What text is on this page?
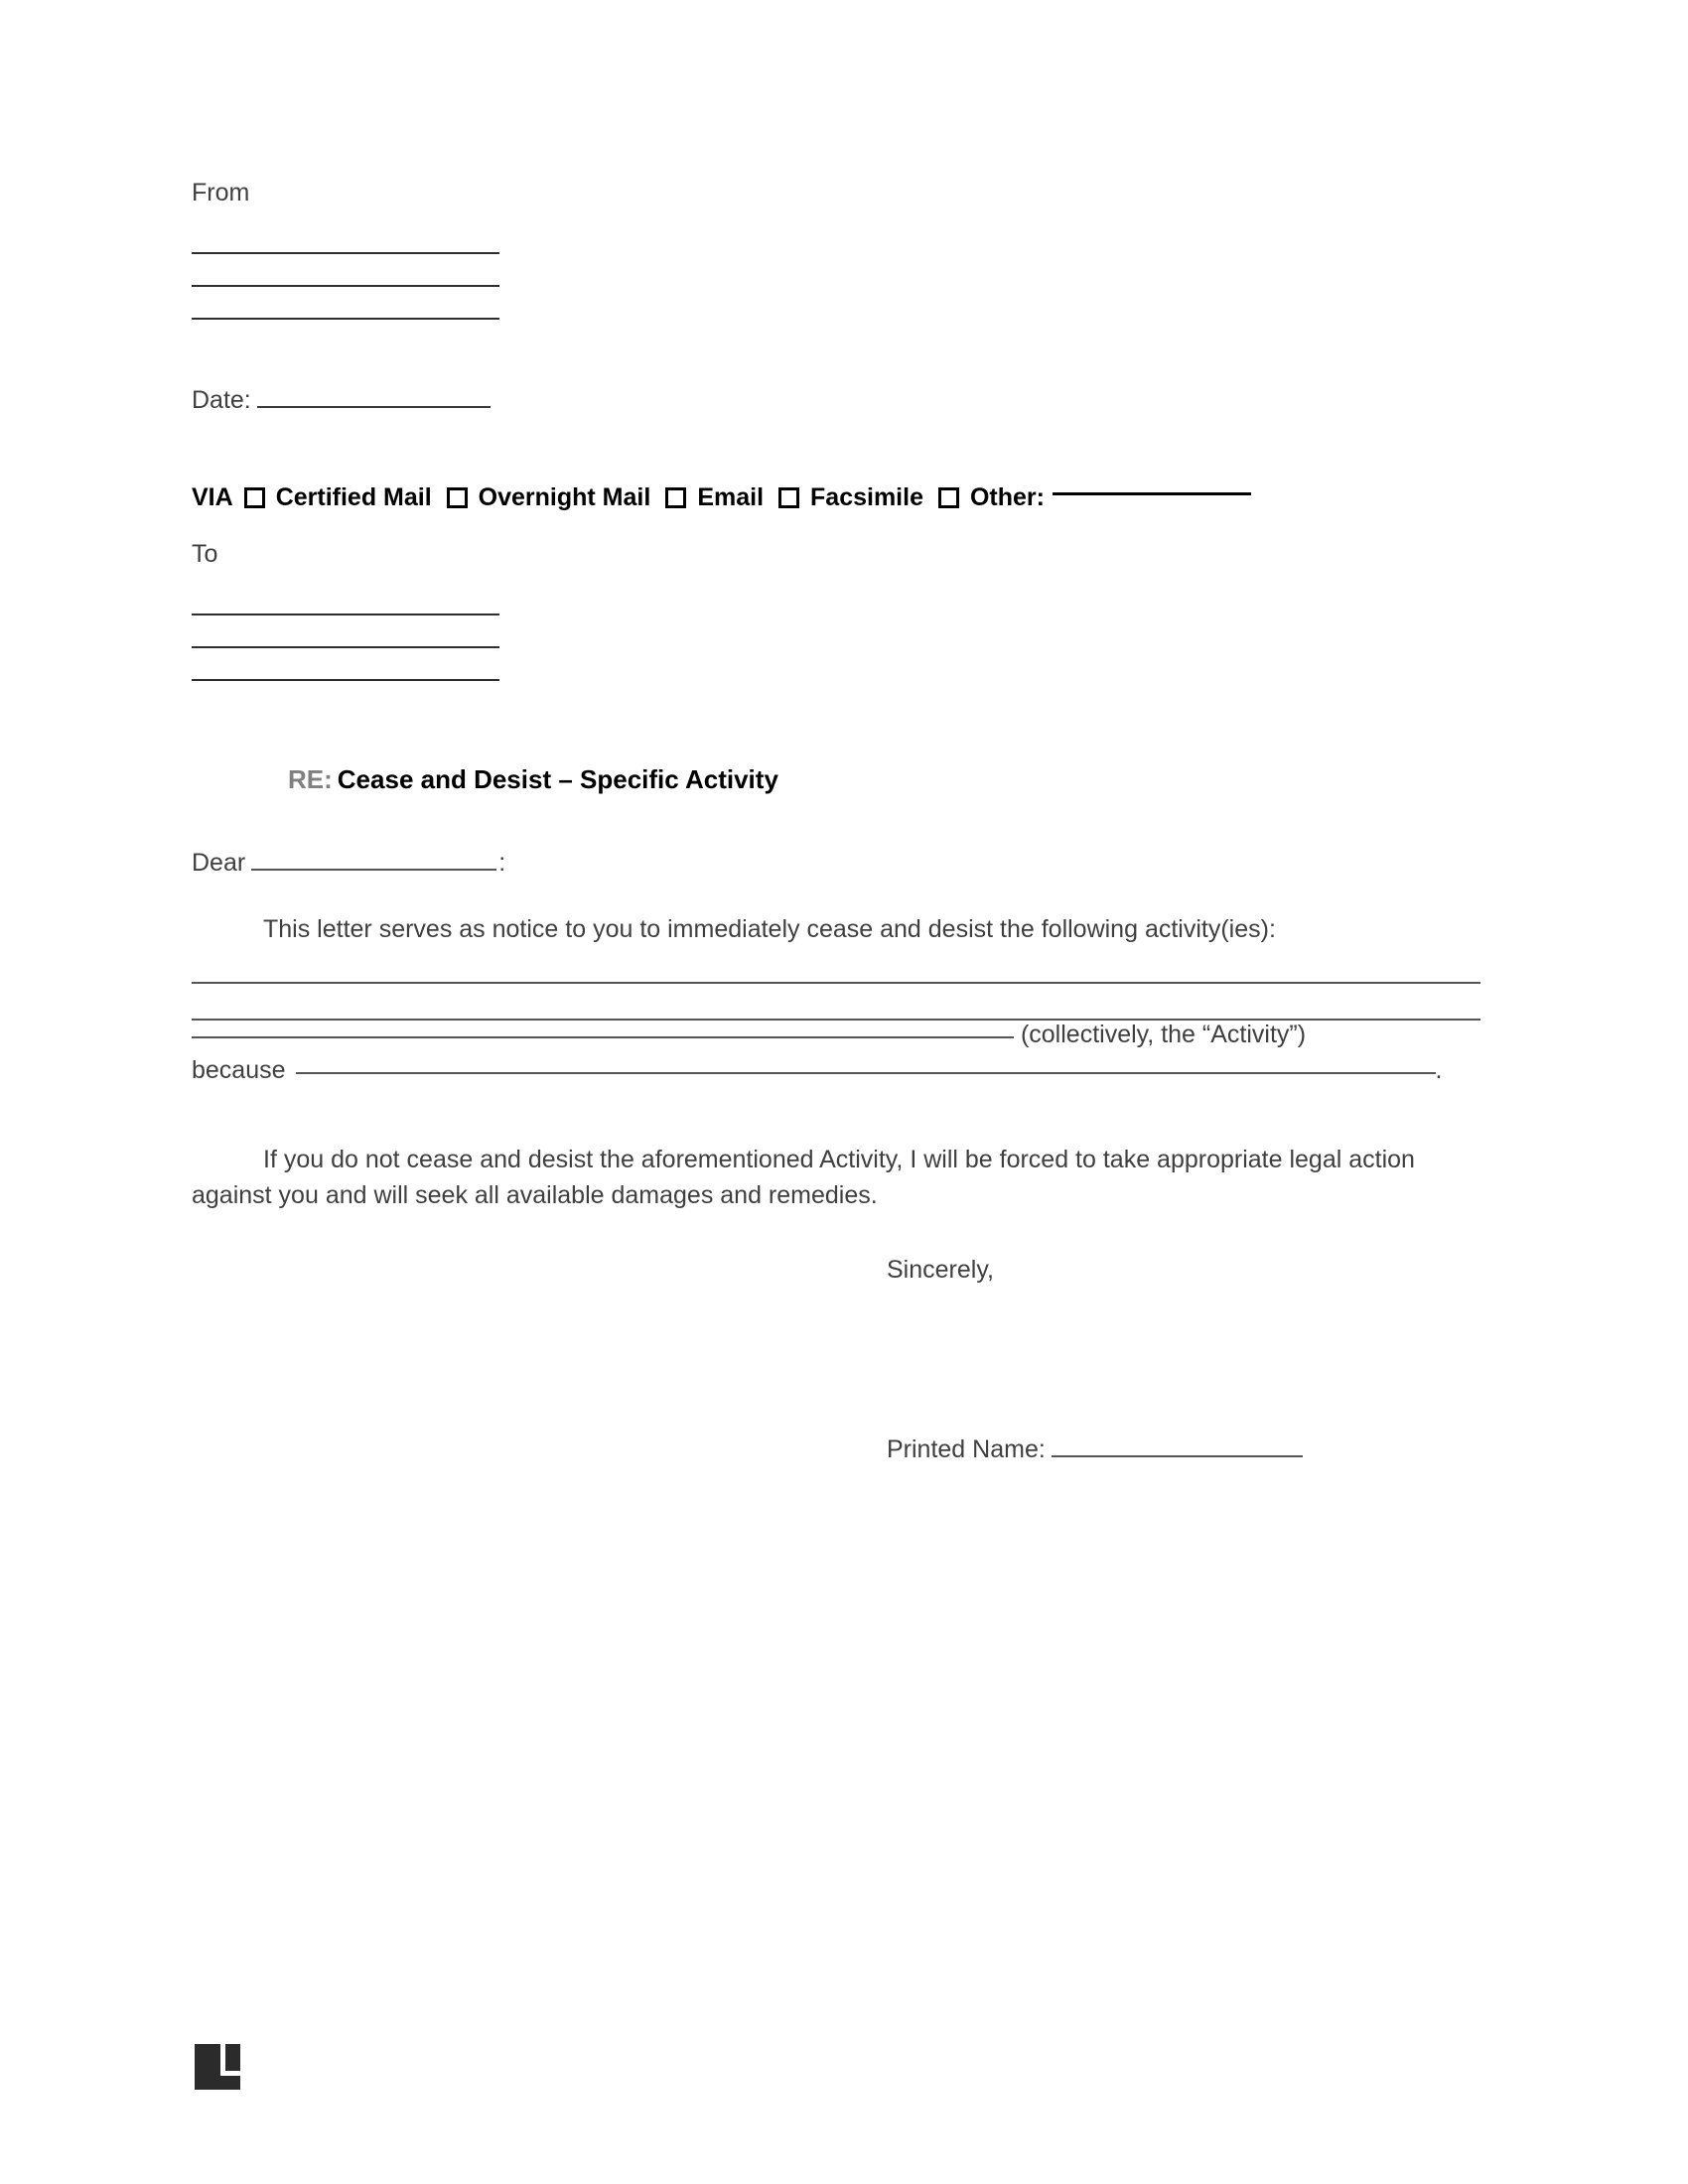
From
Date:
VIA Certified Mail Overnight Mail Email Facsimile Other:
To
RE: Cease and Desist – Specific Activity
Dear	:
This letter serves as notice to you to immediately cease and desist the following activity(ies):
(collectively, the “Activity”)
because	.
If you do not cease and desist the aforementioned Activity, I will be forced to take appropriate legal action against you and will seek all available damages and remedies.
Sincerely,
Printed Name:
